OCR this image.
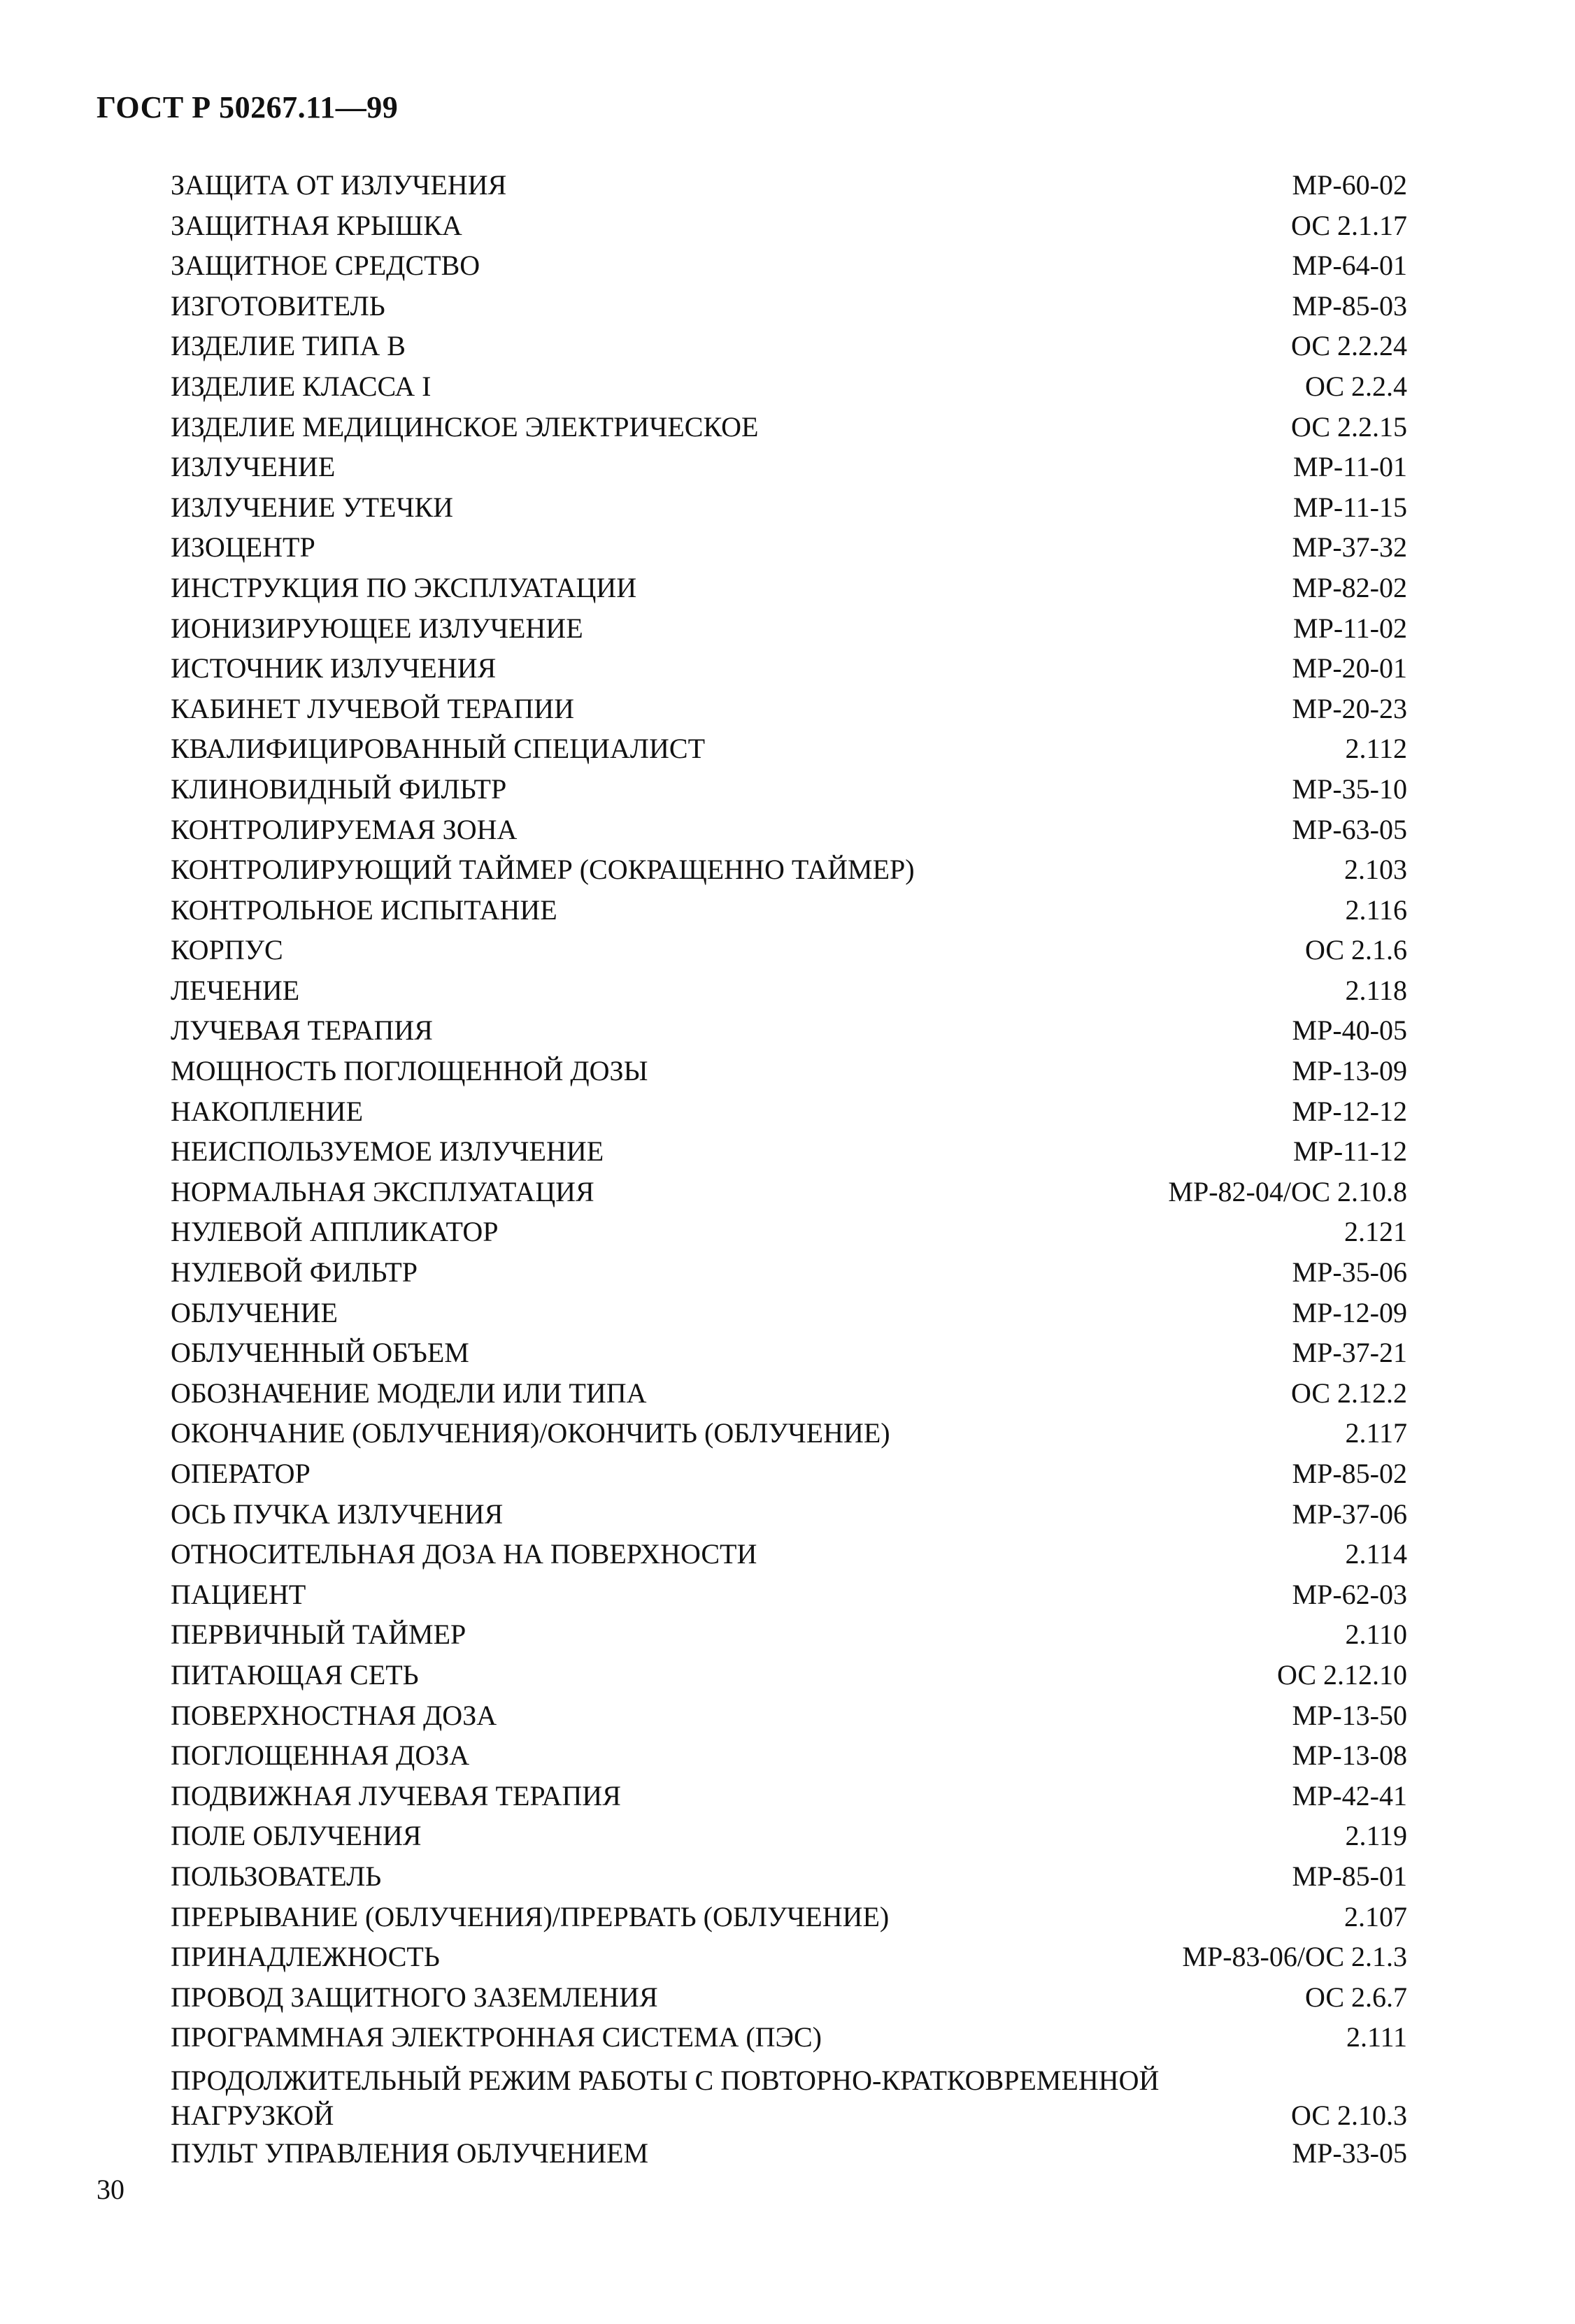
ГОСТ Р 50267.11—99
ЗАЩИТА ОТ ИЗЛУЧЕНИЯ	MP-60-02
ЗАЩИТНАЯ КРЫШКА	ОС 2.1.17
ЗАЩИТНОЕ СРЕДСТВО	MP-64-01
ИЗГОТОВИТЕЛЬ	MP-85-03
ИЗДЕЛИЕ ТИПА В	ОС 2.2.24
ИЗДЕЛИЕ КЛАССА I	ОС 2.2.4
ИЗДЕЛИЕ МЕДИЦИНСКОЕ ЭЛЕКТРИЧЕСКОЕ	ОС 2.2.15
ИЗЛУЧЕНИЕ	MP-11-01
ИЗЛУЧЕНИЕ УТЕЧКИ	MP-11-15
ИЗОЦЕНТР	MP-37-32
ИНСТРУКЦИЯ ПО ЭКСПЛУАТАЦИИ	MP-82-02
ИОНИЗИРУЮЩЕЕ ИЗЛУЧЕНИЕ	MP-11-02
ИСТОЧНИК ИЗЛУЧЕНИЯ	MP-20-01
КАБИНЕТ ЛУЧЕВОЙ ТЕРАПИИ	MP-20-23
КВАЛИФИЦИРОВАННЫЙ СПЕЦИАЛИСТ	2.112
КЛИНОВИДНЫЙ ФИЛЬТР	MP-35-10
КОНТРОЛИРУЕМАЯ ЗОНА	MP-63-05
КОНТРОЛИРУЮЩИЙ ТАЙМЕР (СОКРАЩЕННО ТАЙМЕР)	2.103
КОНТРОЛЬНОЕ ИСПЫТАНИЕ	2.116
КОРПУС	ОС 2.1.6
ЛЕЧЕНИЕ	2.118
ЛУЧЕВАЯ ТЕРАПИЯ	MP-40-05
МОЩНОСТЬ ПОГЛОЩЕННОЙ ДОЗЫ	MP-13-09
НАКОПЛЕНИЕ	MP-12-12
НЕИСПОЛЬЗУЕМОЕ ИЗЛУЧЕНИЕ	MP-11-12
НОРМАЛЬНАЯ ЭКСПЛУАТАЦИЯ	MP-82-04/ОС 2.10.8
НУЛЕВОЙ АППЛИКАТОР	2.121
НУЛЕВОЙ ФИЛЬТР	MP-35-06
ОБЛУЧЕНИЕ	MP-12-09
ОБЛУЧЕННЫЙ ОБЪЕМ	MP-37-21
ОБОЗНАЧЕНИЕ МОДЕЛИ ИЛИ ТИПА	ОС 2.12.2
ОКОНЧАНИЕ (ОБЛУЧЕНИЯ)/ОКОНЧИТЬ (ОБЛУЧЕНИЕ)	2.117
ОПЕРАТОР	MP-85-02
ОСЬ ПУЧКА ИЗЛУЧЕНИЯ	MP-37-06
ОТНОСИТЕЛЬНАЯ ДОЗА НА ПОВЕРХНОСТИ	2.114
ПАЦИЕНТ	MP-62-03
ПЕРВИЧНЫЙ ТАЙМЕР	2.110
ПИТАЮЩАЯ СЕТЬ	ОС 2.12.10
ПОВЕРХНОСТНАЯ ДОЗА	MP-13-50
ПОГЛОЩЕННАЯ ДОЗА	MP-13-08
ПОДВИЖНАЯ ЛУЧЕВАЯ ТЕРАПИЯ	MP-42-41
ПОЛЕ ОБЛУЧЕНИЯ	2.119
ПОЛЬЗОВАТЕЛЬ	MP-85-01
ПРЕРЫВАНИЕ (ОБЛУЧЕНИЯ)/ПРЕРВАТЬ (ОБЛУЧЕНИЕ)	2.107
ПРИНАДЛЕЖНОСТЬ	MP-83-06/ОС 2.1.3
ПРОВОД ЗАЩИТНОГО ЗАЗЕМЛЕНИЯ	ОС 2.6.7
ПРОГРАММНАЯ ЭЛЕКТРОННАЯ СИСТЕМА (ПЭС)	2.111
ПРОДОЛЖИТЕЛЬНЫЙ РЕЖИМ РАБОТЫ С ПОВТОРНО-КРАТКОВРЕМЕННОЙ
НАГРУЗКОЙ	ОС 2.10.3
ПУЛЬТ УПРАВЛЕНИЯ ОБЛУЧЕНИЕМ	MP-33-05
30
